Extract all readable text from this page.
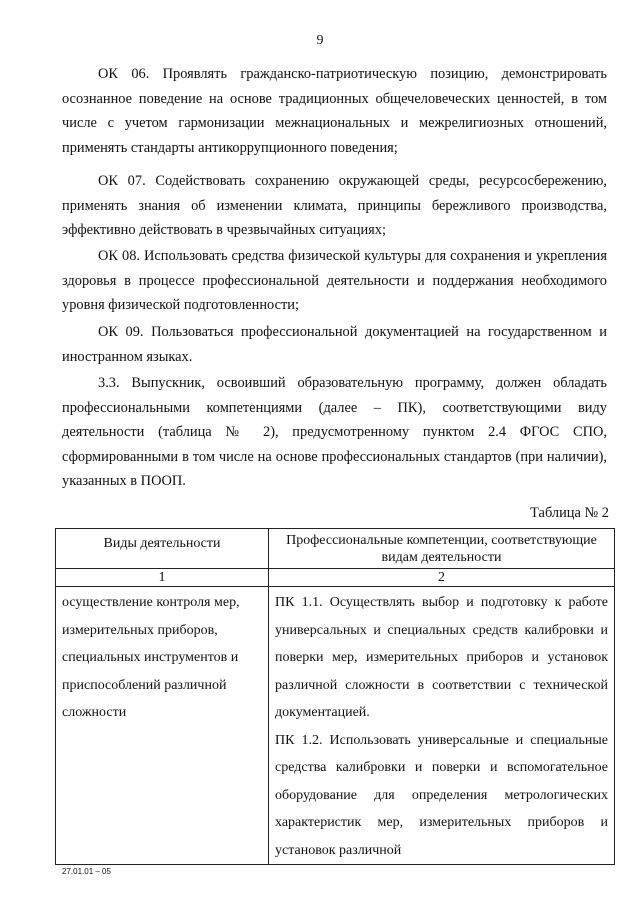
9

ОК 06. Проявлять гражданско-патриотическую позицию, демонстрировать осознанное поведение на основе традиционных общечеловеческих ценностей, в том числе с учетом гармонизации межнациональных и межрелигиозных отношений, применять стандарты антикоррупционного поведения;

ОК 07. Содействовать сохранению окружающей среды, ресурсосбережению, применять знания об изменении климата, принципы бережливого производства, эффективно действовать в чрезвычайных ситуациях;

ОК 08. Использовать средства физической культуры для сохранения и укрепления здоровья в процессе профессиональной деятельности и поддержания необходимого уровня физической подготовленности;

ОК 09. Пользоваться профессиональной документацией на государственном и иностранном языках.

3.3. Выпускник, освоивший образовательную программу, должен обладать профессиональными компетенциями (далее – ПК), соответствующими виду деятельности (таблица № 2), предусмотренному пунктом 2.4 ФГОС СПО, сформированными в том числе на основе профессиональных стандартов (при наличии), указанных в ПООП.

Таблица № 2
Виды деятельности	Профессиональные компетенции, соответствующие видам деятельности
1	2
осуществление контроля мер, измерительных приборов, специальных инструментов и приспособлений различной сложности	ПК 1.1. Осуществлять выбор и подготовку к работе универсальных и специальных средств калибровки и поверки мер, измерительных приборов и установок различной сложности в соответствии с технической документацией.

ПК 1.2. Использовать универсальные и специальные средства калибровки и поверки и вспомогательное оборудование для определения метрологических характеристик мер, измерительных приборов и установок различной

27.01.01 – 05
